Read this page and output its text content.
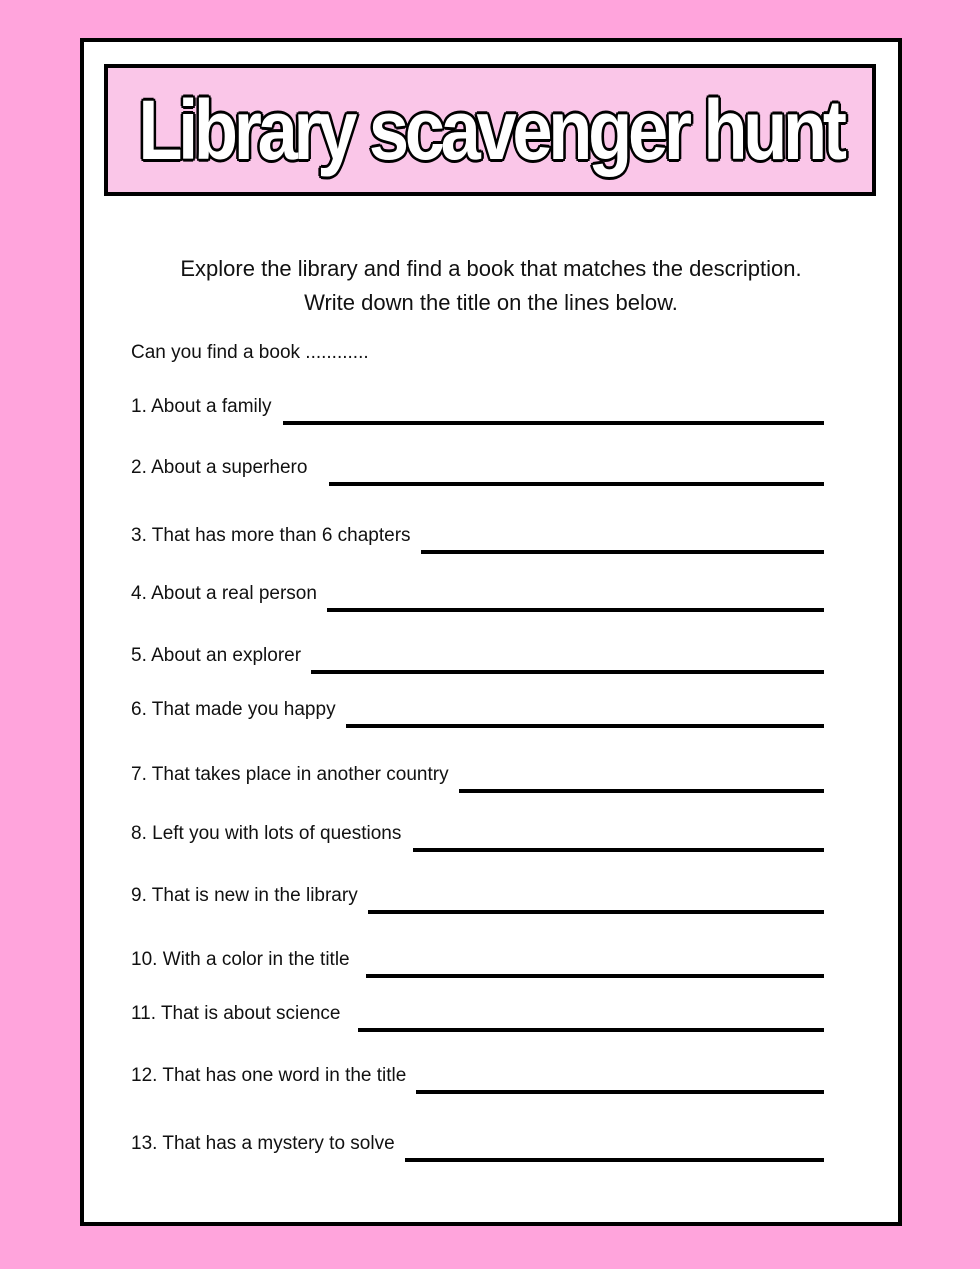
Library scavenger hunt
Explore the library and find a book that matches the description.
Write down the title on the lines below.
Can you find a book ............
1. About a family
2. About a superhero
3. That has more than 6 chapters
4. About a real person
5. About an explorer
6. That made you happy
7. That takes place in another country
8. Left you with lots of questions
9. That is new in the library
10. With a color in the title
11. That is about science
12. That has one word in the title
13. That has a mystery to solve
